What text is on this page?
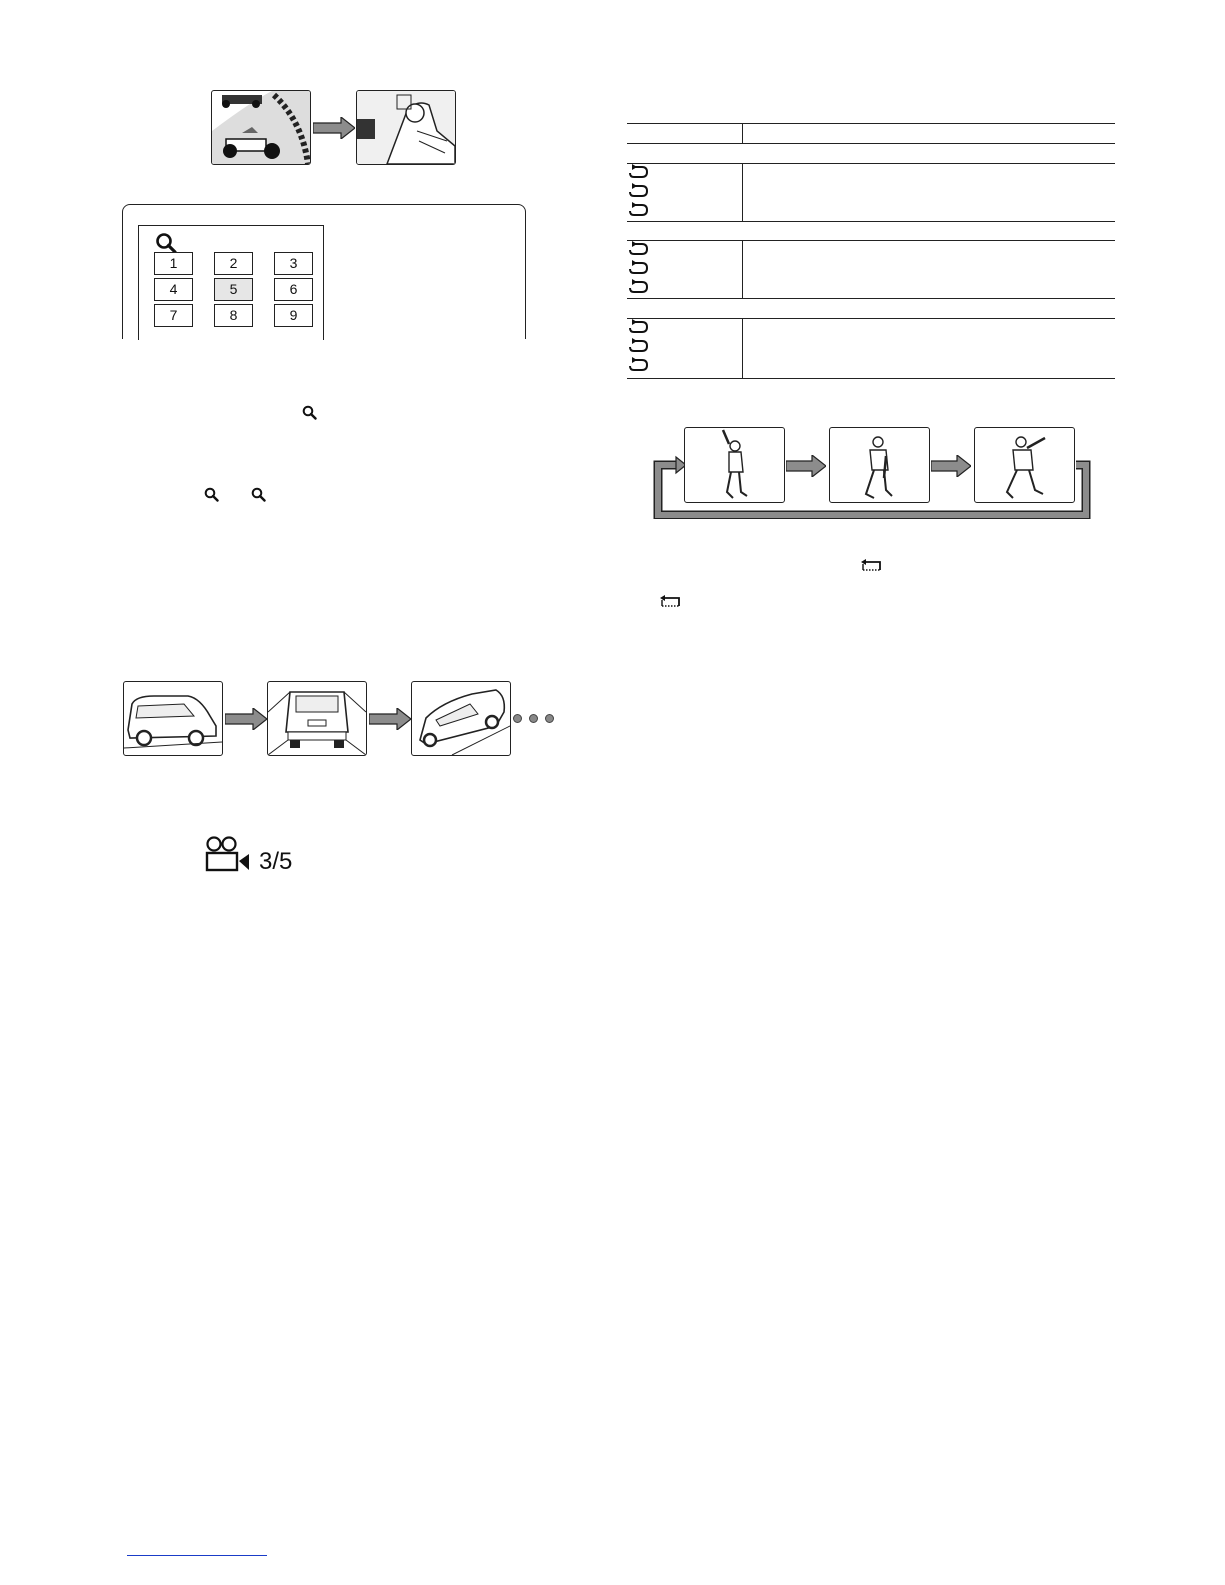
1	2	3
4	5	6
7	8	9
3/5
